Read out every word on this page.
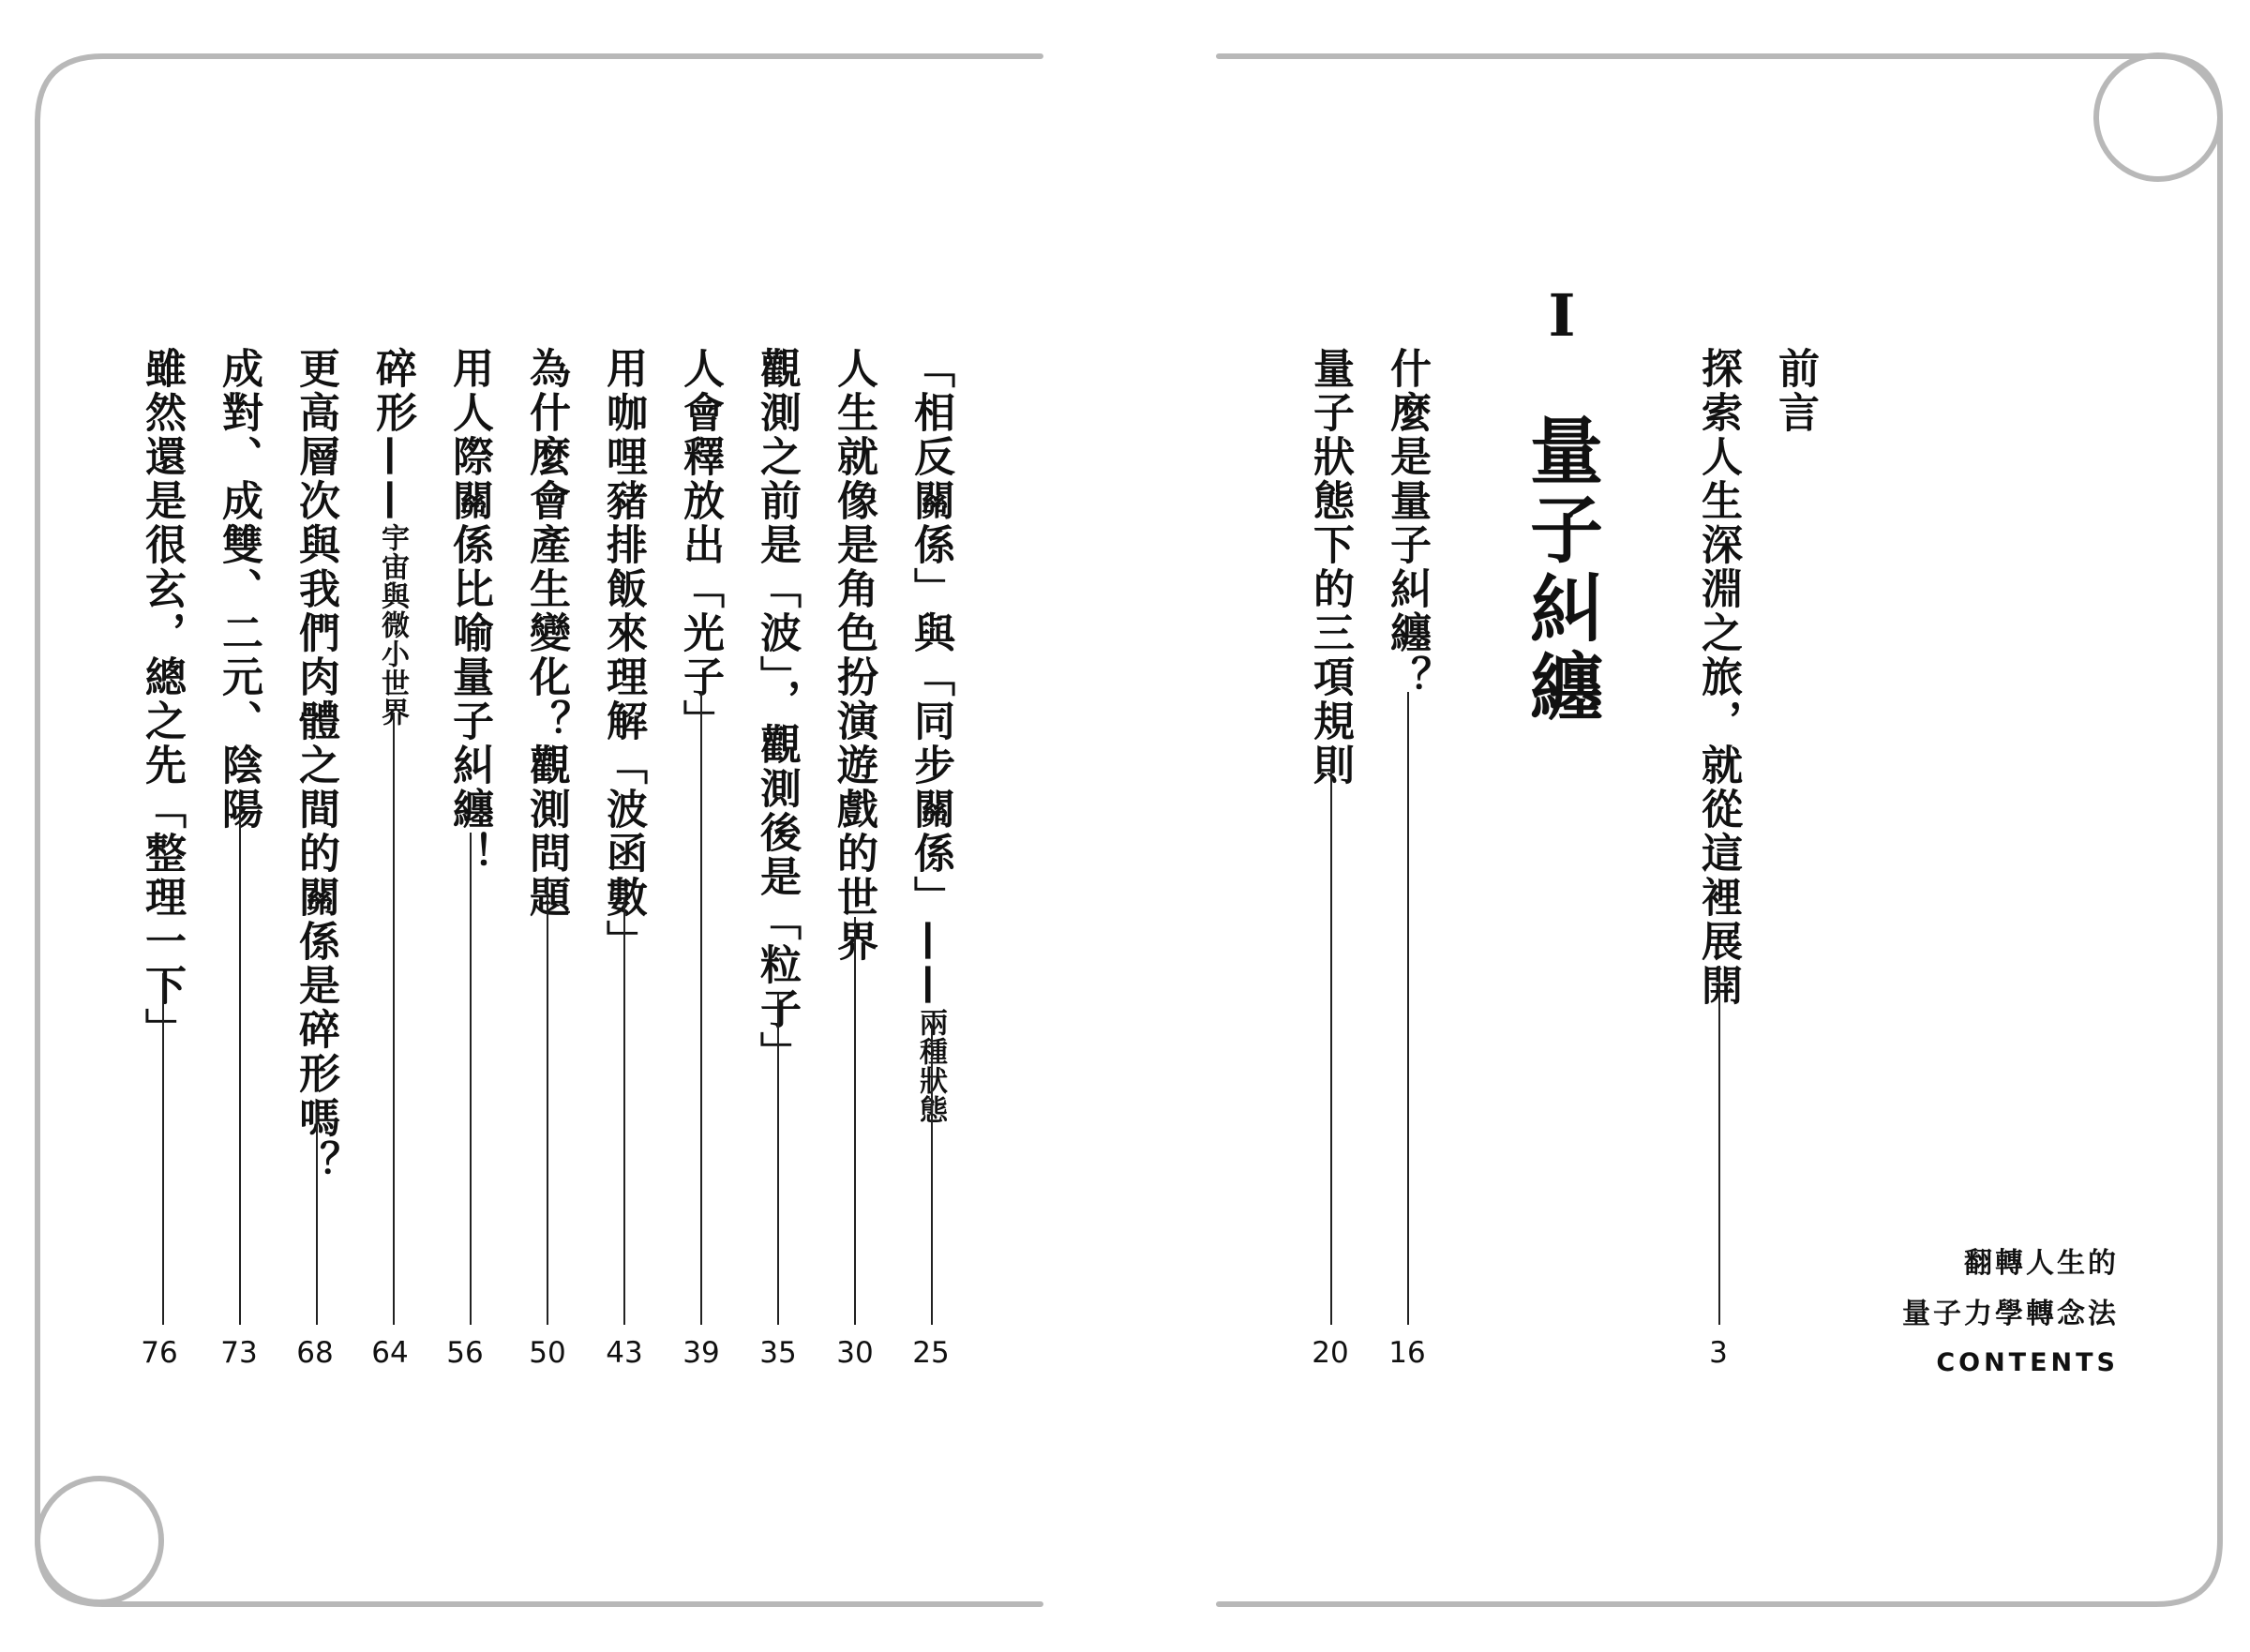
「相反關係」與「同步關係」——兩種狀態
25
人生就像是角色扮演遊戲的世界
30
觀測之前是「波」，觀測後是「粒子」
35
人會釋放出「光子」
39
用咖哩豬排飯來理解「波函數」
43
為什麼會產生變化？觀測問題
50
用人際關係比喻量子糾纏！
56
碎形——宇宙與微小世界
64
更高層次與我們肉體之間的關係是碎形嗎？
68
成對、成雙、二元、陰陽
73
雖然還是很玄，總之先「整理一下」
76
前言
探索人生深淵之旅，就從這裡展開
3
I
量子糾纏
什麼是量子糾纏？
16
量子狀態下的三項規則
20
翻轉人生的
量子力學轉念法
CONTENTS
